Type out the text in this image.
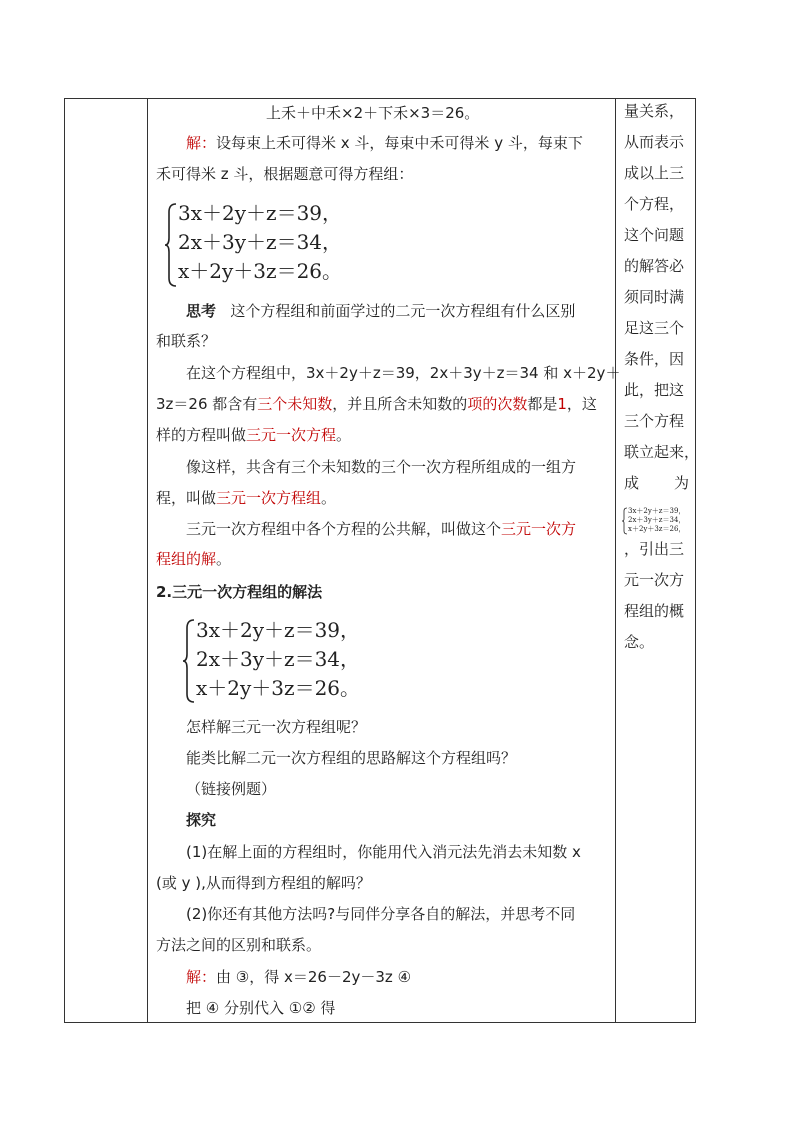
上禾＋中禾×2＋下禾×3＝26。
解：设每束上禾可得米 x 斗，每束中禾可得米 y 斗，每束下
禾可得米 z 斗，根据题意可得方程组：
3x＋2y＋z＝39，
2x＋3y＋z＝34，
x＋2y＋3z＝26。
思考 这个方程组和前面学过的二元一次方程组有什么区别
和联系？
在这个方程组中，3x＋2y＋z＝39，2x＋3y＋z＝34 和 x＋2y＋
3z＝26 都含有三个未知数，并且所含未知数的项的次数都是1，这
样的方程叫做三元一次方程。
像这样，共含有三个未知数的三个一次方程所组成的一组方
程，叫做三元一次方程组。
三元一次方程组中各个方程的公共解，叫做这个三元一次方
程组的解。
2.三元一次方程组的解法
3x＋2y＋z＝39，
2x＋3y＋z＝34，
x＋2y＋3z＝26。
怎样解三元一次方程组呢？
能类比解二元一次方程组的思路解这个方程组吗？
（链接例题）
探究
(1)在解上面的方程组时，你能用代入消元法先消去未知数 x
(或 y ),从而得到方程组的解吗？
(2)你还有其他方法吗?与同伴分享各自的解法，并思考不同
方法之间的区别和联系。
解：由 ③，得 x＝26－2y－3z ④
把 ④ 分别代入 ①② 得
量关系，
从而表示
成以上三
个方程，
这个问题
的解答必
须同时满
足这三个
条件，因
此，把这
三个方程
联立起来，
成 为
，引出三
元一次方
程组的概
念。
3x＋2y＋z＝39，
2x＋3y＋z＝34，
x＋2y＋3z＝26，
